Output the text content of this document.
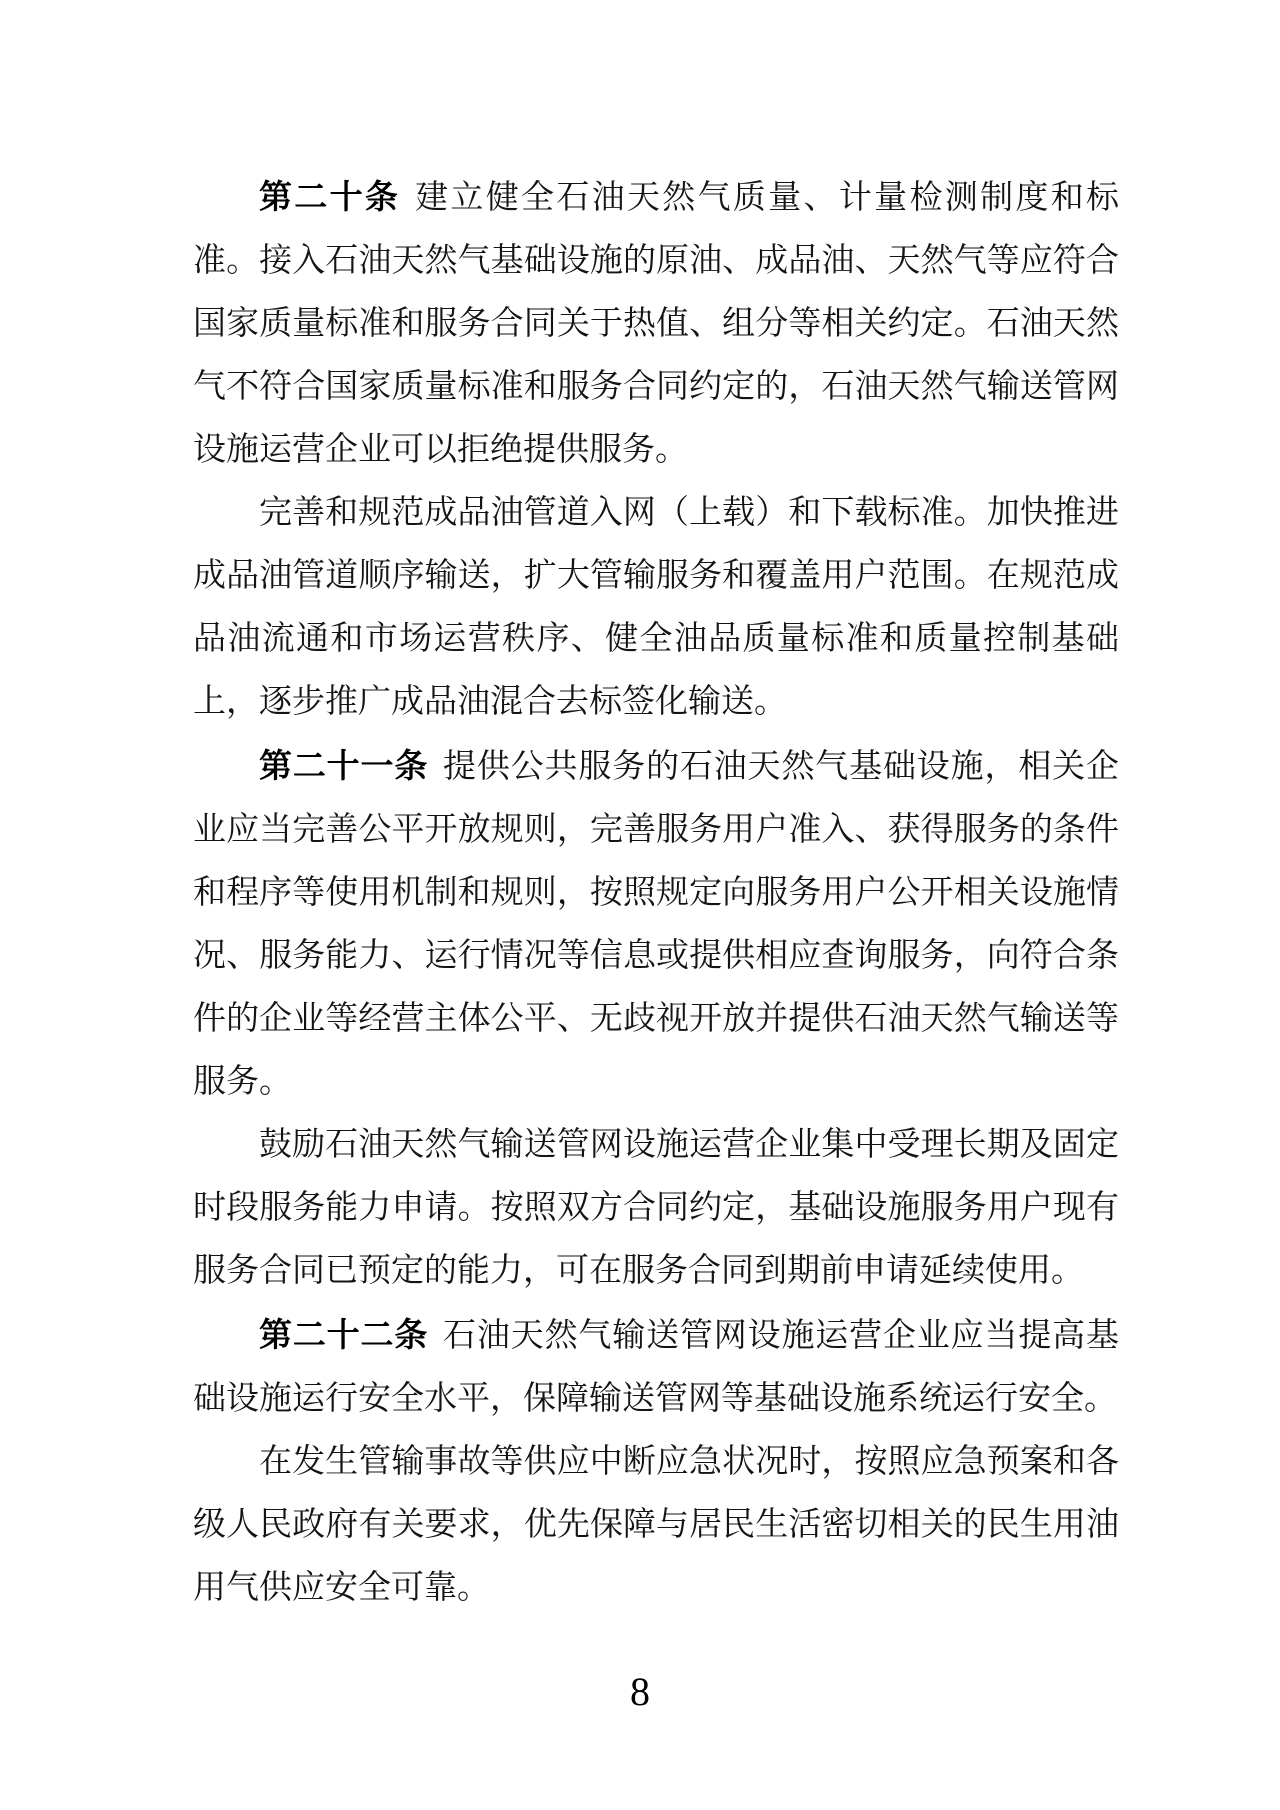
第二十条 建立健全石油天然气质量、计量检测制度和标准。接入石油天然气基础设施的原油、成品油、天然气等应符合国家质量标准和服务合同关于热值、组分等相关约定。石油天然气不符合国家质量标准和服务合同约定的，石油天然气输送管网设施运营企业可以拒绝提供服务。

完善和规范成品油管道入网（上载）和下载标准。加快推进成品油管道顺序输送，扩大管输服务和覆盖用户范围。在规范成品油流通和市场运营秩序、健全油品质量标准和质量控制基础上，逐步推广成品油混合去标签化输送。

第二十一条 提供公共服务的石油天然气基础设施，相关企业应当完善公平开放规则，完善服务用户准入、获得服务的条件和程序等使用机制和规则，按照规定向服务用户公开相关设施情况、服务能力、运行情况等信息或提供相应查询服务，向符合条件的企业等经营主体公平、无歧视开放并提供石油天然气输送等服务。

鼓励石油天然气输送管网设施运营企业集中受理长期及固定时段服务能力申请。按照双方合同约定，基础设施服务用户现有服务合同已预定的能力，可在服务合同到期前申请延续使用。

第二十二条 石油天然气输送管网设施运营企业应当提高基础设施运行安全水平，保障输送管网等基础设施系统运行安全。

在发生管输事故等供应中断应急状况时，按照应急预案和各级人民政府有关要求，优先保障与居民生活密切相关的民生用油用气供应安全可靠。

8
